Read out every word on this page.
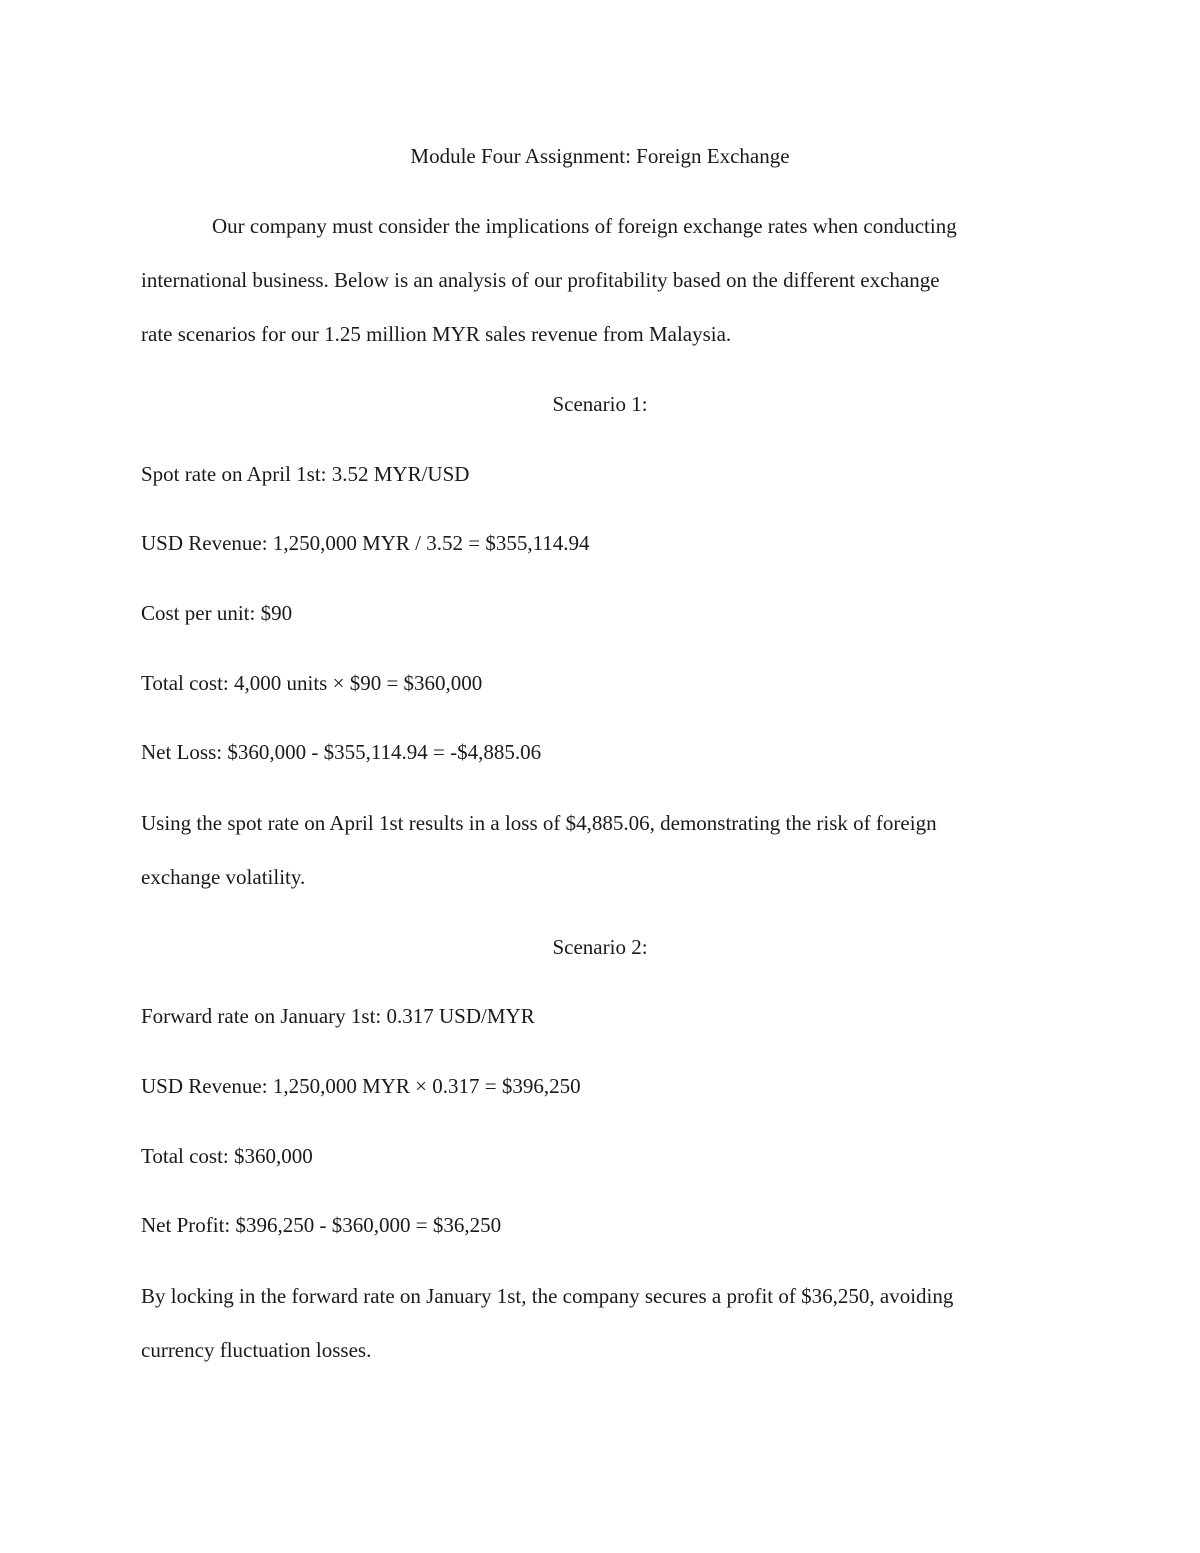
Module Four Assignment: Foreign Exchange
Our company must consider the implications of foreign exchange rates when conducting
international business. Below is an analysis of our profitability based on the different exchange
rate scenarios for our 1.25 million MYR sales revenue from Malaysia.
Scenario 1:
Spot rate on April 1st: 3.52 MYR/USD
USD Revenue: 1,250,000 MYR / 3.52 = $355,114.94
Cost per unit: $90
Total cost: 4,000 units × $90 = $360,000
Net Loss: $360,000 - $355,114.94 = -$4,885.06
Using the spot rate on April 1st results in a loss of $4,885.06, demonstrating the risk of foreign
exchange volatility.
Scenario 2:
Forward rate on January 1st: 0.317 USD/MYR
USD Revenue: 1,250,000 MYR × 0.317 = $396,250
Total cost: $360,000
Net Profit: $396,250 - $360,000 = $36,250
By locking in the forward rate on January 1st, the company secures a profit of $36,250, avoiding
currency fluctuation losses.
